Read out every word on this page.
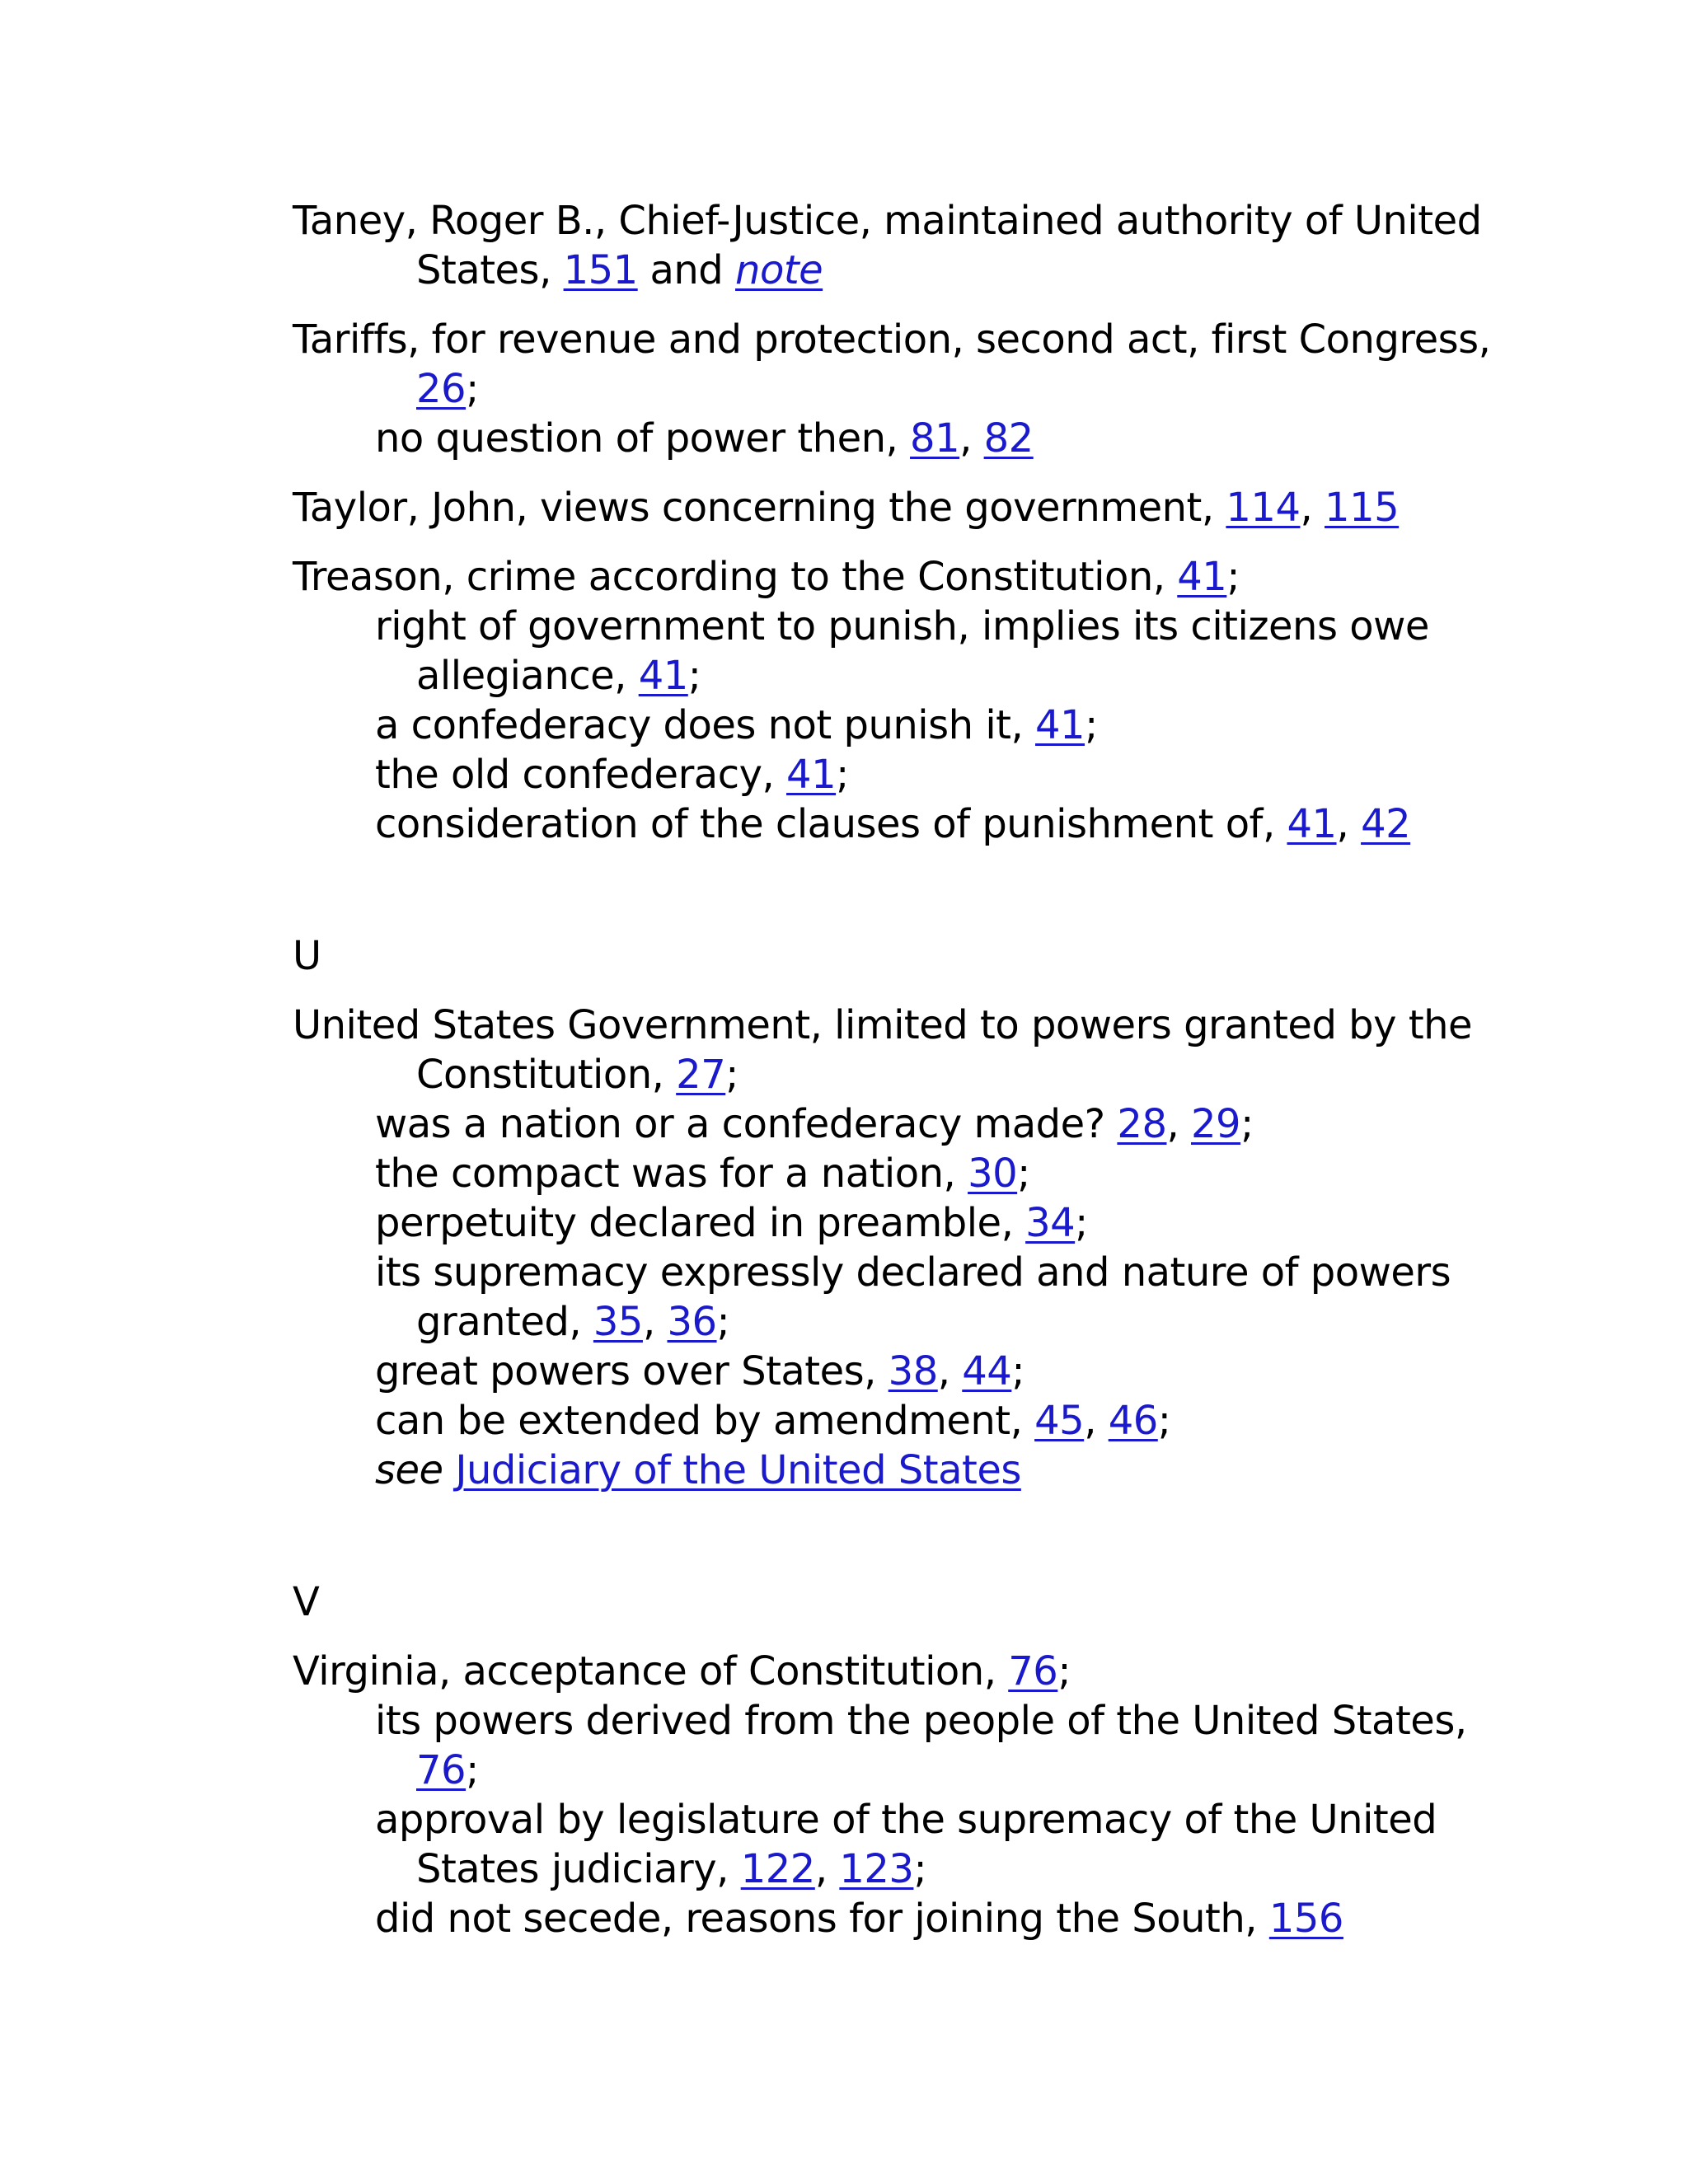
Taney, Roger B., Chief-Justice, maintained authority of United
States, 151 and note
Tariffs, for revenue and protection, second act, first Congress,
26;
no question of power then, 81, 82
Taylor, John, views concerning the government, 114, 115
Treason, crime according to the Constitution, 41;
right of government to punish, implies its citizens owe
allegiance, 41;
a confederacy does not punish it, 41;
the old confederacy, 41;
consideration of the clauses of punishment of, 41, 42
U
United States Government, limited to powers granted by the
Constitution, 27;
was a nation or a confederacy made? 28, 29;
the compact was for a nation, 30;
perpetuity declared in preamble, 34;
its supremacy expressly declared and nature of powers
granted, 35, 36;
great powers over States, 38, 44;
can be extended by amendment, 45, 46;
see Judiciary of the United States
V
Virginia, acceptance of Constitution, 76;
its powers derived from the people of the United States,
76;
approval by legislature of the supremacy of the United
States judiciary, 122, 123;
did not secede, reasons for joining the South, 156
